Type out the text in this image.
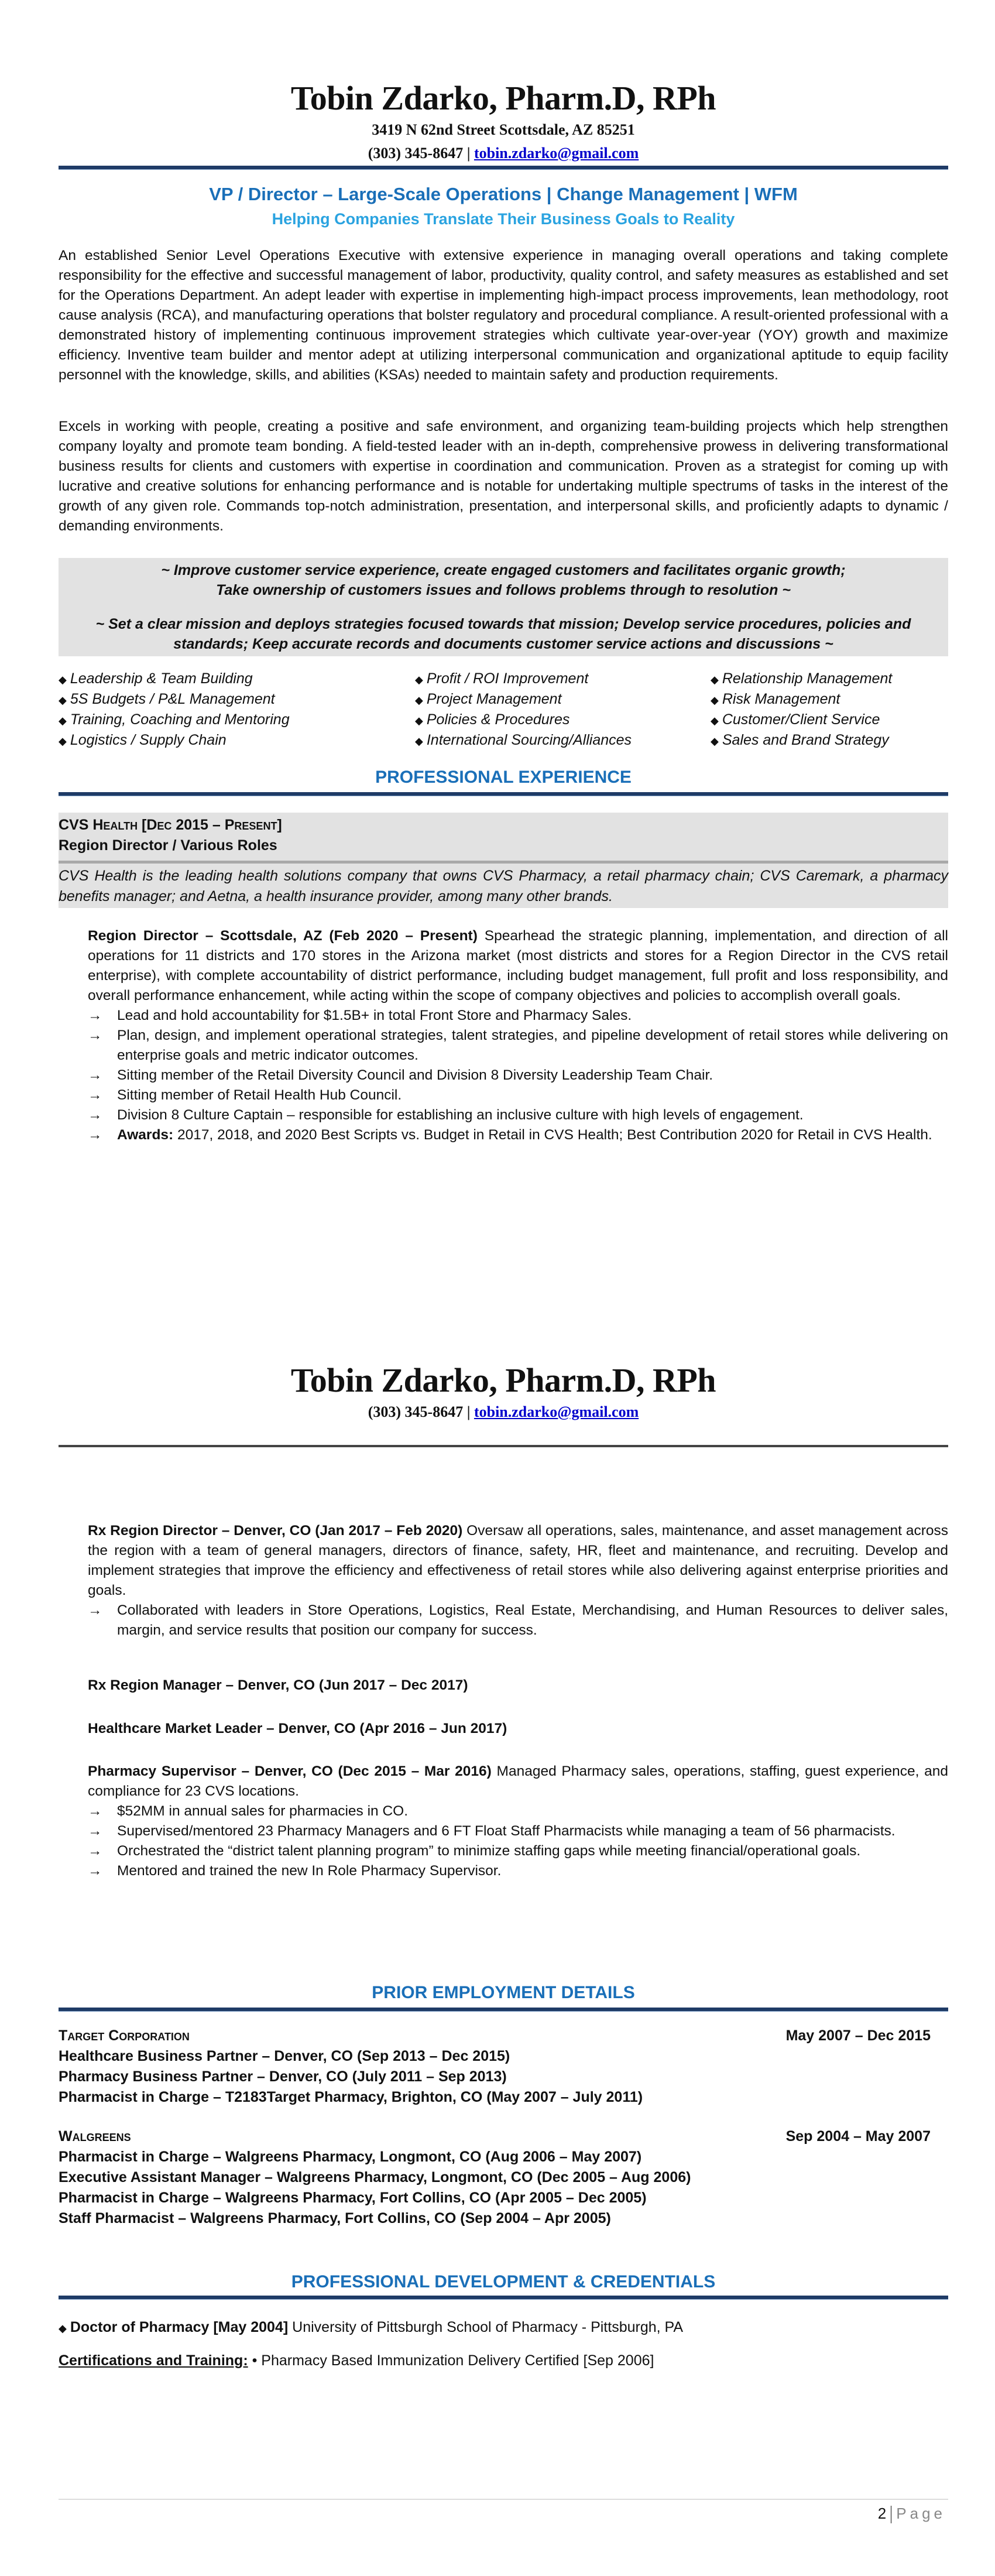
Tobin Zdarko, Pharm.D, RPh
3419 N 62nd Street Scottsdale, AZ 85251
(303) 345-8647 | tobin.zdarko@gmail.com
VP / Director – Large-Scale Operations | Change Management | WFM
Helping Companies Translate Their Business Goals to Reality
An established Senior Level Operations Executive with extensive experience in managing overall operations and taking complete responsibility for the effective and successful management of labor, productivity, quality control, and safety measures as established and set for the Operations Department. An adept leader with expertise in implementing high-impact process improvements, lean methodology, root cause analysis (RCA), and manufacturing operations that bolster regulatory and procedural compliance. A result-oriented professional with a demonstrated history of implementing continuous improvement strategies which cultivate year-over-year (YOY) growth and maximize efficiency. Inventive team builder and mentor adept at utilizing interpersonal communication and organizational aptitude to equip facility personnel with the knowledge, skills, and abilities (KSAs) needed to maintain safety and production requirements.
Excels in working with people, creating a positive and safe environment, and organizing team-building projects which help strengthen company loyalty and promote team bonding. A field-tested leader with an in-depth, comprehensive prowess in delivering transformational business results for clients and customers with expertise in coordination and communication. Proven as a strategist for coming up with lucrative and creative solutions for enhancing performance and is notable for undertaking multiple spectrums of tasks in the interest of the growth of any given role. Commands top-notch administration, presentation, and interpersonal skills, and proficiently adapts to dynamic / demanding environments.
~ Improve customer service experience, create engaged customers and facilitates organic growth;
Take ownership of customers issues and follows problems through to resolution ~
~ Set a clear mission and deploys strategies focused towards that mission; Develop service procedures, policies and standards; Keep accurate records and documents customer service actions and discussions ~
◆ Leadership & Team Building
◆ 5S Budgets / P&L Management
◆ Training, Coaching and Mentoring
◆ Logistics / Supply Chain
◆ Profit / ROI Improvement
◆ Project Management
◆ Policies & Procedures
◆ International Sourcing/Alliances
◆ Relationship Management
◆ Risk Management
◆ Customer/Client Service
◆ Sales and Brand Strategy
PROFESSIONAL EXPERIENCE
CVS Health [Dec 2015 – Present]
Region Director / Various Roles
CVS Health is the leading health solutions company that owns CVS Pharmacy, a retail pharmacy chain; CVS Caremark, a pharmacy benefits manager; and Aetna, a health insurance provider, among many other brands.
Region Director – Scottsdale, AZ (Feb 2020 – Present) Spearhead the strategic planning, implementation, and direction of all operations for 11 districts and 170 stores in the Arizona market (most districts and stores for a Region Director in the CVS retail enterprise), with complete accountability of district performance, including budget management, full profit and loss responsibility, and overall performance enhancement, while acting within the scope of company objectives and policies to accomplish overall goals.
→	Lead and hold accountability for $1.5B+ in total Front Store and Pharmacy Sales.
→	Plan, design, and implement operational strategies, talent strategies, and pipeline development of retail stores while delivering on enterprise goals and metric indicator outcomes.
→	Sitting member of the Retail Diversity Council and Division 8 Diversity Leadership Team Chair.
→	Sitting member of Retail Health Hub Council.
→	Division 8 Culture Captain – responsible for establishing an inclusive culture with high levels of engagement.
→	Awards: 2017, 2018, and 2020 Best Scripts vs. Budget in Retail in CVS Health; Best Contribution 2020 for Retail in CVS Health.
Tobin Zdarko, Pharm.D, RPh
(303) 345-8647 | tobin.zdarko@gmail.com
Rx Region Director – Denver, CO (Jan 2017 – Feb 2020) Oversaw all operations, sales, maintenance, and asset management across the region with a team of general managers, directors of finance, safety, HR, fleet and maintenance, and recruiting. Develop and implement strategies that improve the efficiency and effectiveness of retail stores while also delivering against enterprise priorities and goals.
→	Collaborated with leaders in Store Operations, Logistics, Real Estate, Merchandising, and Human Resources to deliver sales, margin, and service results that position our company for success.
Rx Region Manager – Denver, CO (Jun 2017 – Dec 2017)
Healthcare Market Leader – Denver, CO (Apr 2016 – Jun 2017)
Pharmacy Supervisor – Denver, CO (Dec 2015 – Mar 2016) Managed Pharmacy sales, operations, staffing, guest experience, and compliance for 23 CVS locations.
→	$52MM in annual sales for pharmacies in CO.
→	Supervised/mentored 23 Pharmacy Managers and 6 FT Float Staff Pharmacists while managing a team of 56 pharmacists.
→	Orchestrated the “district talent planning program” to minimize staffing gaps while meeting financial/operational goals.
→	Mentored and trained the new In Role Pharmacy Supervisor.
PRIOR EMPLOYMENT DETAILS
Target Corporation	May 2007 – Dec 2015
Healthcare Business Partner – Denver, CO (Sep 2013 – Dec 2015)
Pharmacy Business Partner – Denver, CO (July 2011 – Sep 2013)
Pharmacist in Charge – T2183Target Pharmacy, Brighton, CO (May 2007 – July 2011)
Walgreens	Sep 2004 – May 2007
Pharmacist in Charge – Walgreens Pharmacy, Longmont, CO (Aug 2006 – May 2007)
Executive Assistant Manager – Walgreens Pharmacy, Longmont, CO (Dec 2005 – Aug 2006)
Pharmacist in Charge – Walgreens Pharmacy, Fort Collins, CO (Apr 2005 – Dec 2005)
Staff Pharmacist – Walgreens Pharmacy, Fort Collins, CO (Sep 2004 – Apr 2005)
PROFESSIONAL DEVELOPMENT & CREDENTIALS
◆ Doctor of Pharmacy [May 2004] University of Pittsburgh School of Pharmacy - Pittsburgh, PA
Certifications and Training: • Pharmacy Based Immunization Delivery Certified [Sep 2006]
2 Page
